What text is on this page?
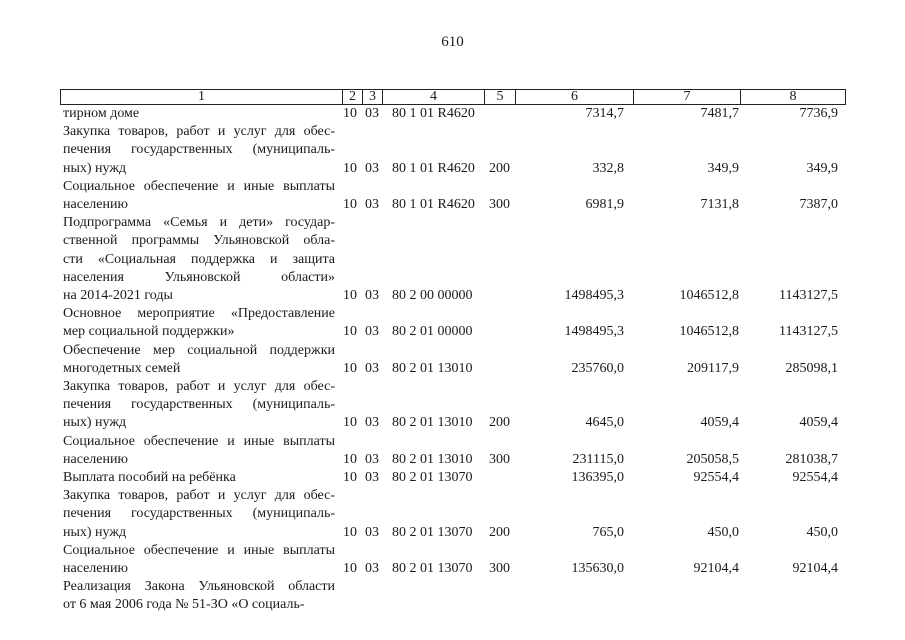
610
1	2 3	4	5	6	7	8
тирном доме	10 03 80 1 01 R4620	7314,7	7481,7	7736,9
Закупка товаров, работ и услуг для обес-
печения государственных (муниципаль-
ных) нужд	10 03 80 1 01 R4620 200	332,8	349,9	349,9
Социальное обеспечение и иные выплаты
населению	10 03 80 1 01 R4620 300	6981,9	7131,8	7387,0
Подпрограмма «Семья и дети» государ-
ственной программы Ульяновской обла-
сти «Социальная поддержка и защита
населения Ульяновской области»
на 2014-2021 годы	10 03 80 2 00 00000	1498495,3	1046512,8	1143127,5
Основное мероприятие «Предоставление
мер социальной поддержки»	10 03 80 2 01 00000	1498495,3	1046512,8	1143127,5
Обеспечение мер социальной поддержки
многодетных семей	10 03 80 2 01 13010	235760,0	209117,9	285098,1
Закупка товаров, работ и услуг для обес-
печения государственных (муниципаль-
ных) нужд	10 03 80 2 01 13010 200	4645,0	4059,4	4059,4
Социальное обеспечение и иные выплаты
населению	10 03 80 2 01 13010 300	231115,0	205058,5	281038,7
Выплата пособий на ребёнка	10 03 80 2 01 13070	136395,0	92554,4	92554,4
Закупка товаров, работ и услуг для обес-
печения государственных (муниципаль-
ных) нужд	10 03 80 2 01 13070 200	765,0	450,0	450,0
Социальное обеспечение и иные выплаты
населению	10 03 80 2 01 13070 300	135630,0	92104,4	92104,4
Реализация Закона Ульяновской области
от 6 мая 2006 года № 51-ЗО «О социаль-
